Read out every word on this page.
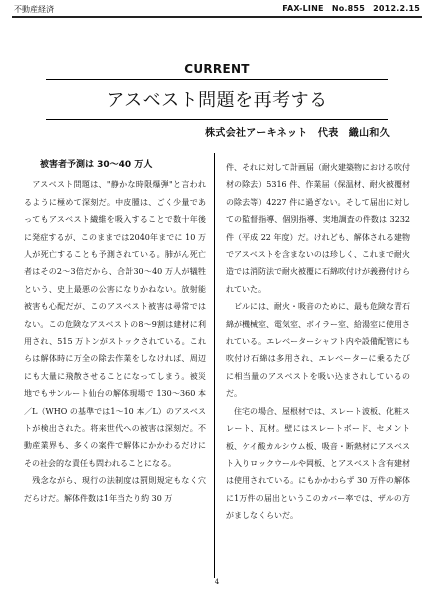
不動産経済	FAX-LINE　No.855　2012.2.15
CURRENT
アスベスト問題を再考する
株式会社アーキネット　代表　織山和久
被害者予測は 30～40 万人

　アスベスト問題は、"静かな時限爆弾"と言われるように極めて深刻だ。中皮腫は、ごく少量であってもアスベスト繊維を吸入することで数十年後に発症するが、このままでは2040年までに 10 万人が死亡することも予測されている。肺がん死亡者はその2～3倍だから、合計30～40 万人が犠牲という、史上最悪の公害になりかねない。放射能被害も心配だが、このアスベスト被害は尋常ではない。この危険なアスベストの8～9割は建材に利用され、515 万トンがストックされている。これらは解体時に万全の除去作業をしなければ、周辺にも大量に飛散させることになってしまう。被災地でもサンルート仙台の解体現場で 130～360 本／L（WHO の基準では1～10 本／L）のアスベストが検出された。将来世代への被害は深刻だ。不動産業界も、多くの案件で解体にかかわるだけにその社会的な責任も問われることになる。

　残念ながら、現行の法制度は罰則規定もなく穴だらけだ。解体件数は1年当たり約 30 万

件、それに対して計画届（耐火建築物における吹付材の除去）5316 件、作業届（保温材、耐火被覆材の除去等）4227 件に過ぎない。そして届出に対しての監督指導、個別指導、実地調査の件数は 3232 件（平成 22 年度）だ。けれども、解体される建物でアスベストを含まないのは珍しく、これまで耐火造では消防法で耐火被覆に石綿吹付けが義務付けられていた。

　ビルには、耐火・吸音のために、最も危険な青石綿が機械室、電気室、ボイラー室、給湯室に使用されている。エレベーターシャフト内や設備配管にも吹付け石綿は多用され、エレベーターに乗るたびに相当量のアスベストを吸い込まされしているのだ。

　住宅の場合、屋根材では、スレート波板、化粧スレート、瓦材。壁にはスレートボード、セメント板、ケイ酸カルシウム板、吸音・断熱材にアスベスト入りロックウールや岡板、とアスベスト含有建材は使用されている。にもかかわらず 30 万件の解体に1万件の届出というこのカバー率では、ザルの方がましなくらいだ。

4
